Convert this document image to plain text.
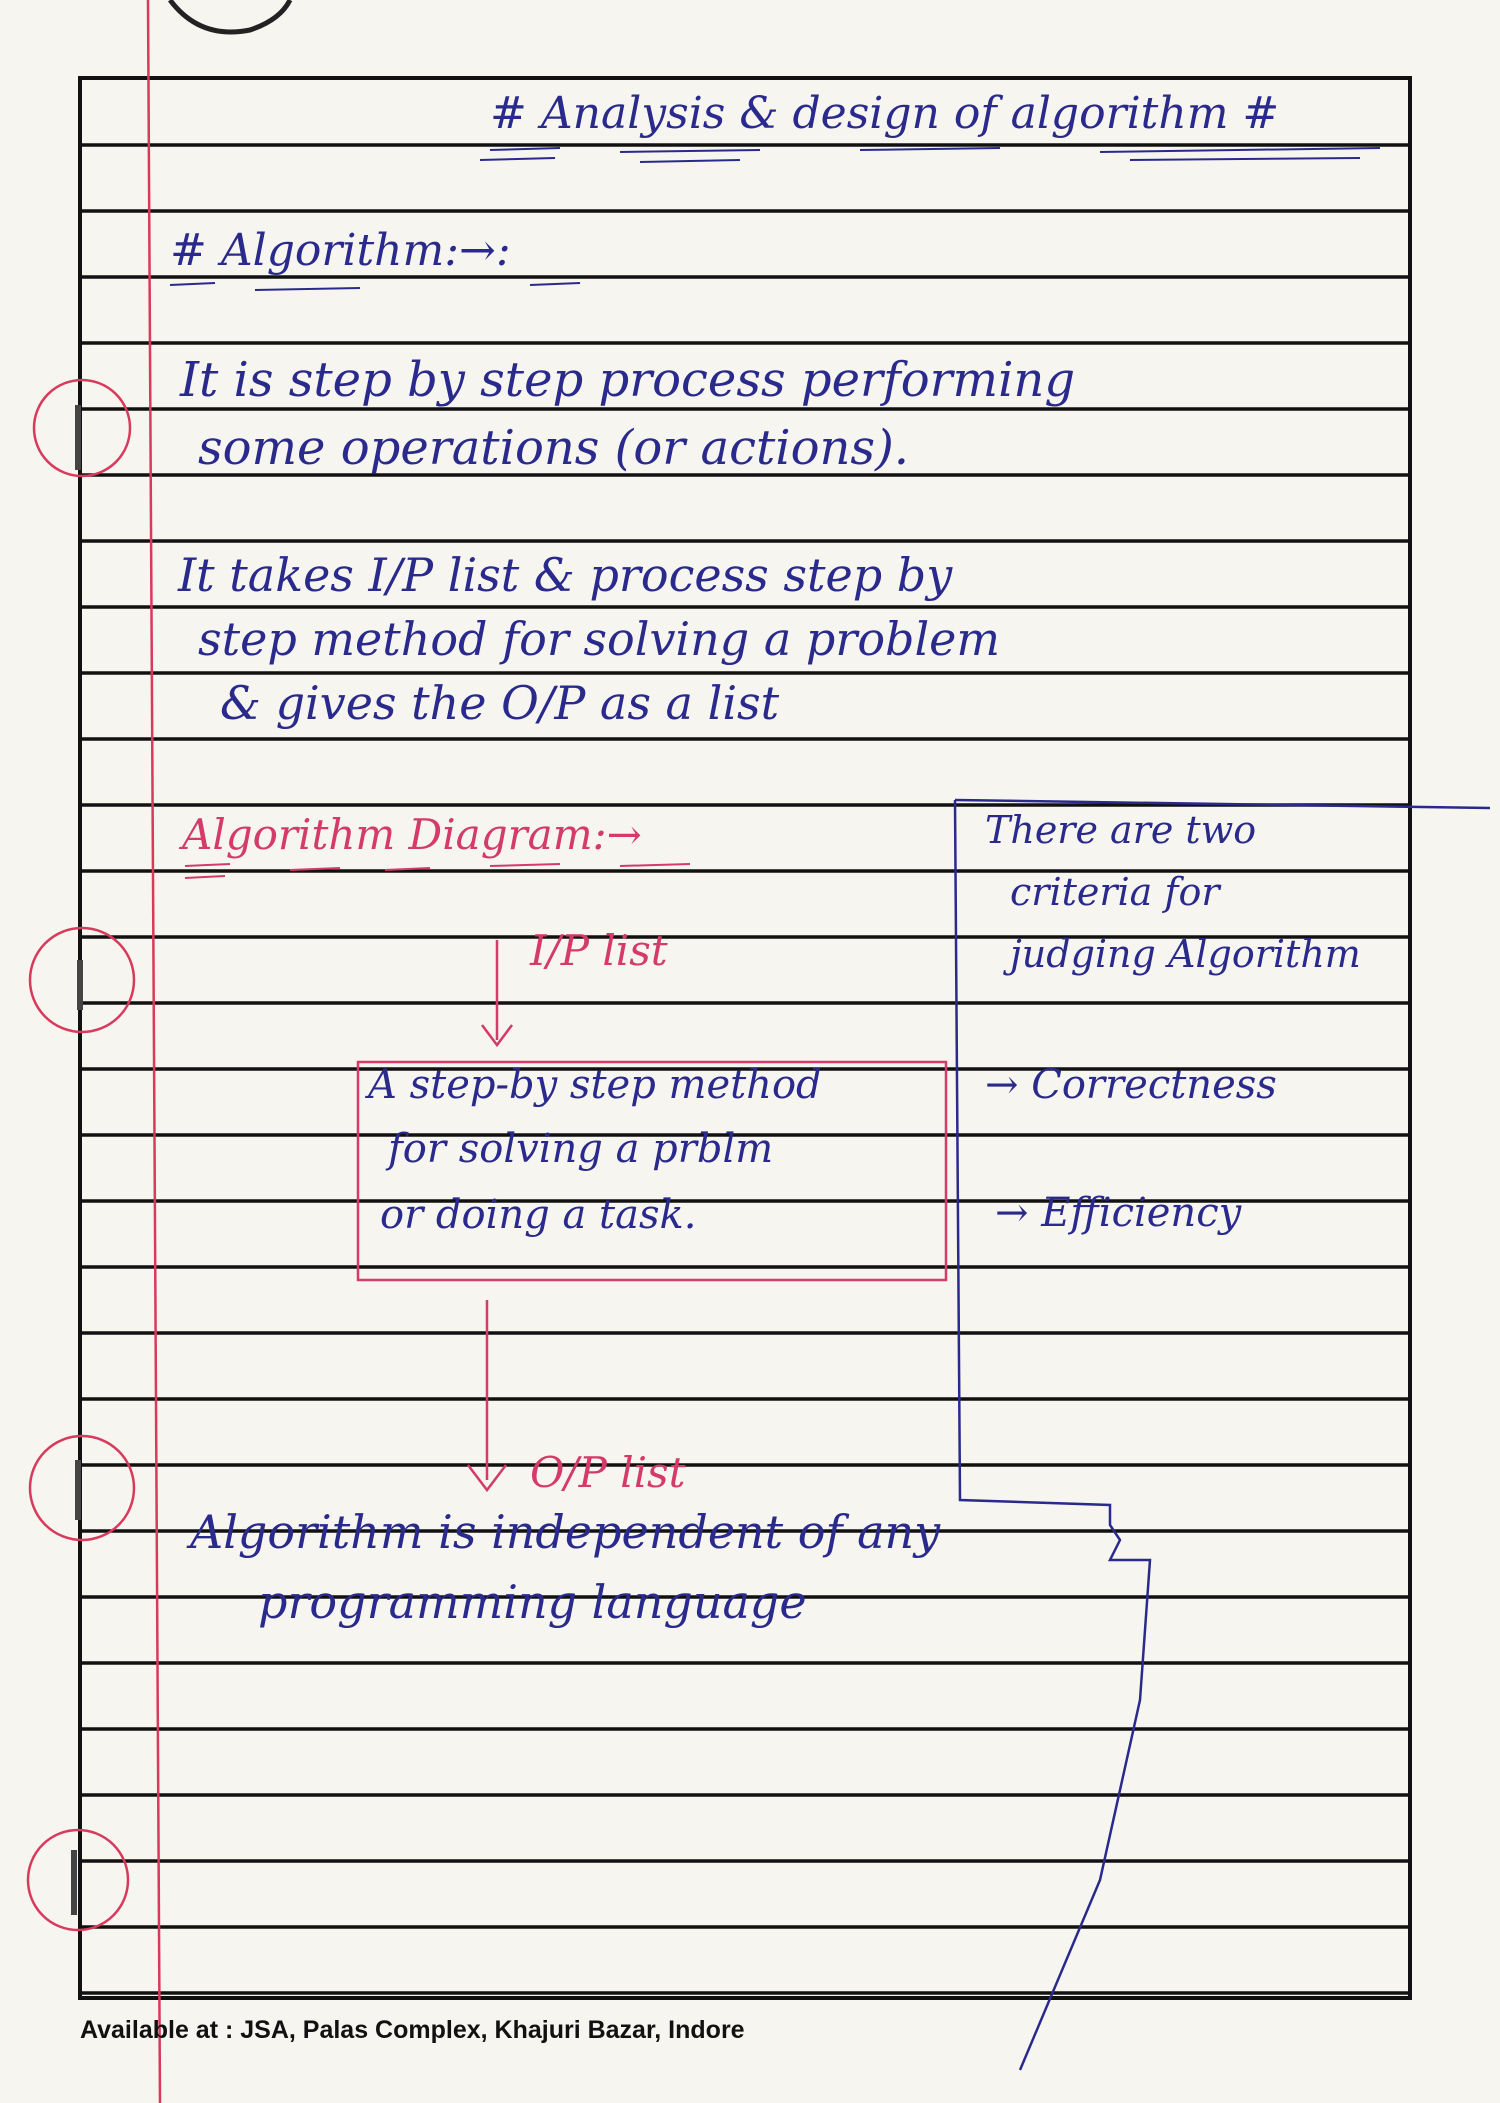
# Analysis & design of algorithm #
# Algorithm:→:
It is step by step process performing
some operations (or actions).
It takes I/P list & process step by
step method for solving a problem
& gives the O/P as a list
Algorithm Diagram:→
I/P list
A step-by step method
for solving a prblm
or doing a task.
O/P list
There are two
criteria for
judging Algorithm
→ Correctness
→ Efficiency
Algorithm is independent of any
programming language
Available at : JSA, Palas Complex, Khajuri Bazar, Indore
